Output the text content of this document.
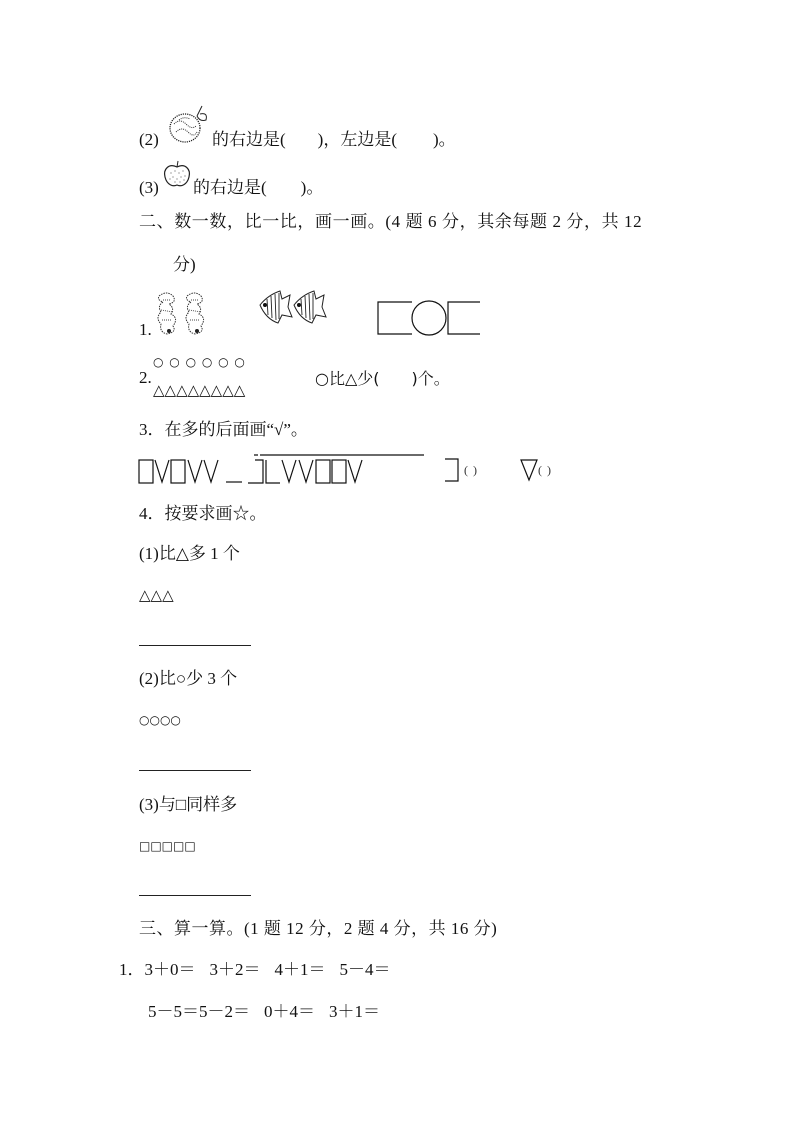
(2)	的右边是( )，左边是( )。
(3) 的右边是( )。
二、数一数，比一比，画一画。(4 题 6 分，其余每题 2 分，共 12
分)
1.
2.
○ ○ ○ ○ ○ ○
△△△△△△△△
○比△少( )个。
3．在多的后面画“√”。
( )	( )
4．按要求画☆。
(1)比△多 1 个
△△△
(2)比○少 3 个
○○○○
(3)与□同样多
□□□□□
三、算一算。(1 题 12 分，2 题 4 分，共 16 分)
1．3＋0＝ 3＋2＝ 4＋1＝ 5－4＝
5－5＝5－2＝ 0＋4＝ 3＋1＝
